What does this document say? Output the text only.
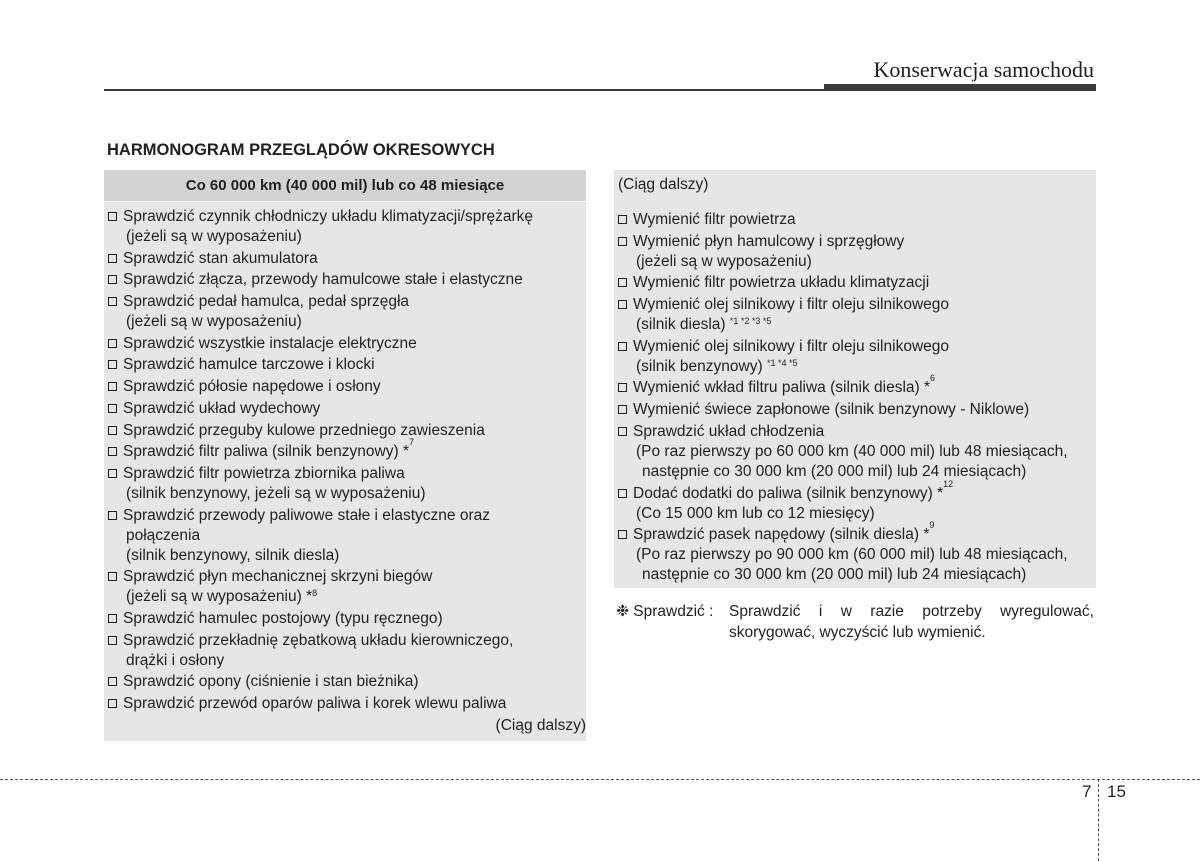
Konserwacja samochodu
HARMONOGRAM PRZEGLĄDÓW OKRESOWYCH
Co 60 000 km (40 000 mil) lub co 48 miesiące
Sprawdzić czynnik chłodniczy układu klimatyzacji/sprężarkę
(jeżeli są w wyposażeniu)
Sprawdzić stan akumulatora
Sprawdzić złącza, przewody hamulcowe stałe i elastyczne
Sprawdzić pedał hamulca, pedał sprzęgła
(jeżeli są w wyposażeniu)
Sprawdzić wszystkie instalacje elektryczne
Sprawdzić hamulce tarczowe i klocki
Sprawdzić półosie napędowe i osłony
Sprawdzić układ wydechowy
Sprawdzić przeguby kulowe przedniego zawieszenia
Sprawdzić filtr paliwa (silnik benzynowy) *
7
Sprawdzić filtr powietrza zbiornika paliwa
(silnik benzynowy, jeżeli są w wyposażeniu)
Sprawdzić przewody paliwowe stałe i elastyczne oraz
połączenia
(silnik benzynowy, silnik diesla)
Sprawdzić płyn mechanicznej skrzyni biegów
(jeżeli są w wyposażeniu) *$^8$
Sprawdzić hamulec postojowy (typu ręcznego)
Sprawdzić przekładnię zębatkową układu kierowniczego,
drążki i osłony
Sprawdzić opony (ciśnienie i stan bieżnika)
Sprawdzić przewód oparów paliwa i korek wlewu paliwa
(Ciąg dalszy)
(Ciąg dalszy)
Wymienić filtr powietrza
Wymienić płyn hamulcowy i sprzęgłowy
(jeżeli są w wyposażeniu)
Wymienić filtr powietrza układu klimatyzacji
Wymienić olej silnikowy i filtr oleju silnikowego
(silnik diesla) $^{*1 *2 *3 *5}$
Wymienić olej silnikowy i filtr oleju silnikowego
(silnik benzynowy) $^{*1 *4 *5}$
Wymienić wkład filtru paliwa (silnik diesla) *
6
Wymienić świece zapłonowe (silnik benzynowy - Niklowe)
Sprawdzić układ chłodzenia
(Po raz pierwszy po 60 000 km (40 000 mil) lub 48 miesiącach,
następnie co 30 000 km (20 000 mil) lub 24 miesiącach)
Dodać dodatki do paliwa (silnik benzynowy) *
12
(Co 15 000 km lub co 12 miesięcy)
Sprawdzić pasek napędowy (silnik diesla) *
9
(Po raz pierwszy po 90 000 km (60 000 mil) lub 48 miesiącach,
następnie co 30 000 km (20 000 mil) lub 24 miesiącach)
❉ Sprawdzić : Sprawdzić i w razie potrzeby wyregulować,
skorygować, wyczyścić lub wymienić.
7 15
